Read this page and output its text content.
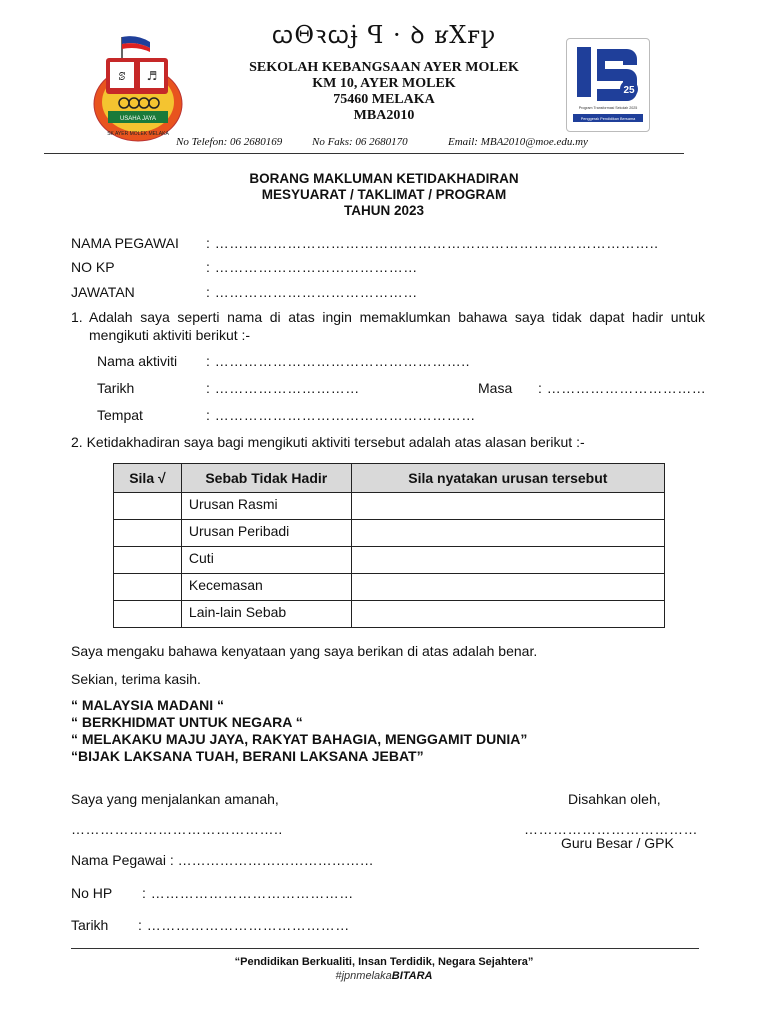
ꞷΘꝛꞷɉ ꟼ · ꝺ ʁXꜰꝩ
ꕷ ♬
USAHA JAYA
SK AYER MOLEK MELAKA
SEKOLAH KEBANGSAAN AYER MOLEK
KM 10, AYER MOLEK
75460 MELAKA
MBA2010
25
Program Transformasi Sekolah 2025
Penggerak Pendidikan Bersama
No Telefon: 06 2680169	No Faks: 06 2680170	Email: MBA2010@moe.edu.my
BORANG MAKLUMAN KETIDAKHADIRAN
MESYUARAT / TAKLIMAT / PROGRAM
TAHUN 2023
NAMA PEGAWAI : ………………………………………………………………………………..
NO KP	: ……………………………………
JAWATAN	: ……………………………………
1. Adalah saya seperti nama di atas ingin memaklumkan bahawa saya tidak dapat hadir untuk mengikuti aktiviti berikut :-
Nama aktiviti : ……………………………………………..
Tarikh	: …………………………	Masa : ……………………………
Tempat	: ………………………………………………
2. Ketidakhadiran saya bagi mengikuti aktiviti tersebut adalah atas alasan berikut :-
Sila √	Sebab Tidak Hadir	Sila nyatakan urusan tersebut
	Urusan Rasmi	
	Urusan Peribadi	
	Cuti	
	Kecemasan	
	Lain-lain Sebab	
Saya mengaku bahawa kenyataan yang saya berikan di atas adalah benar.
Sekian, terima kasih.
“ MALAYSIA MADANI “
“ BERKHIDMAT UNTUK NEGARA “
“ MELAKAKU MAJU JAYA, RAKYAT BAHAGIA, MENGGAMIT DUNIA”
“BIJAK LAKSANA TUAH, BERANI LAKSANA JEBAT”
Saya yang menjalankan amanah,	Disahkan oleh,
……………………………………..	………………………………
Guru Besar / GPK
Nama Pegawai : ……………………………………
No HP : ……………………………………
Tarikh : ……………………………………
“Pendidikan Berkualiti, Insan Terdidik, Negara Sejahtera”
#jpnmelakaBITARA
